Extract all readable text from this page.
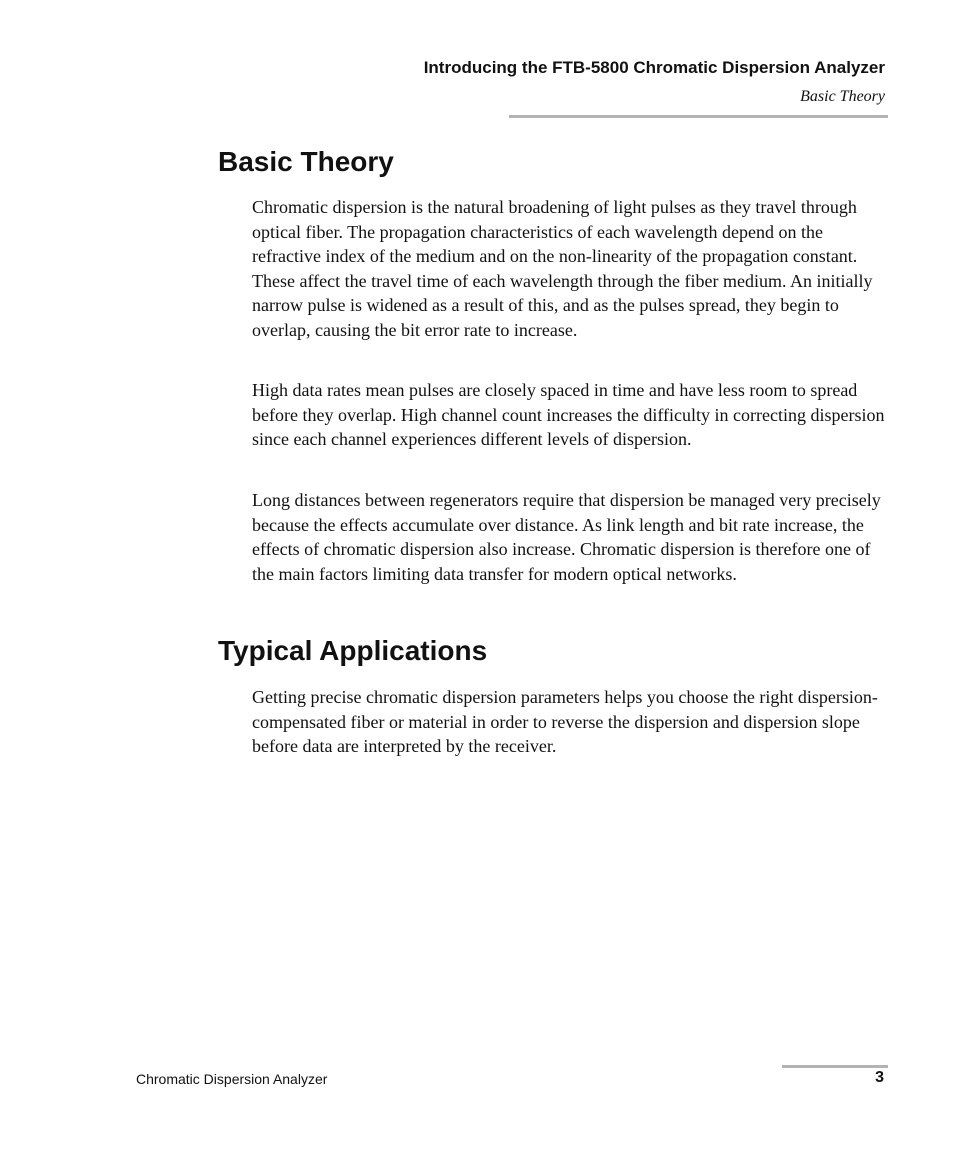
Introducing the FTB-5800 Chromatic Dispersion Analyzer
Basic Theory
Basic Theory

Chromatic dispersion is the natural broadening of light pulses as they travel through optical fiber. The propagation characteristics of each wavelength depend on the refractive index of the medium and on the non-linearity of the propagation constant. These affect the travel time of each wavelength through the fiber medium. An initially narrow pulse is widened as a result of this, and as the pulses spread, they begin to overlap, causing the bit error rate to increase.

High data rates mean pulses are closely spaced in time and have less room to spread before they overlap. High channel count increases the difficulty in correcting dispersion since each channel experiences different levels of dispersion.

Long distances between regenerators require that dispersion be managed very precisely because the effects accumulate over distance. As link length and bit rate increase, the effects of chromatic dispersion also increase. Chromatic dispersion is therefore one of the main factors limiting data transfer for modern optical networks.

Typical Applications

Getting precise chromatic dispersion parameters helps you choose the right dispersion-compensated fiber or material in order to reverse the dispersion and dispersion slope before data are interpreted by the receiver.

Chromatic Dispersion Analyzer	3
